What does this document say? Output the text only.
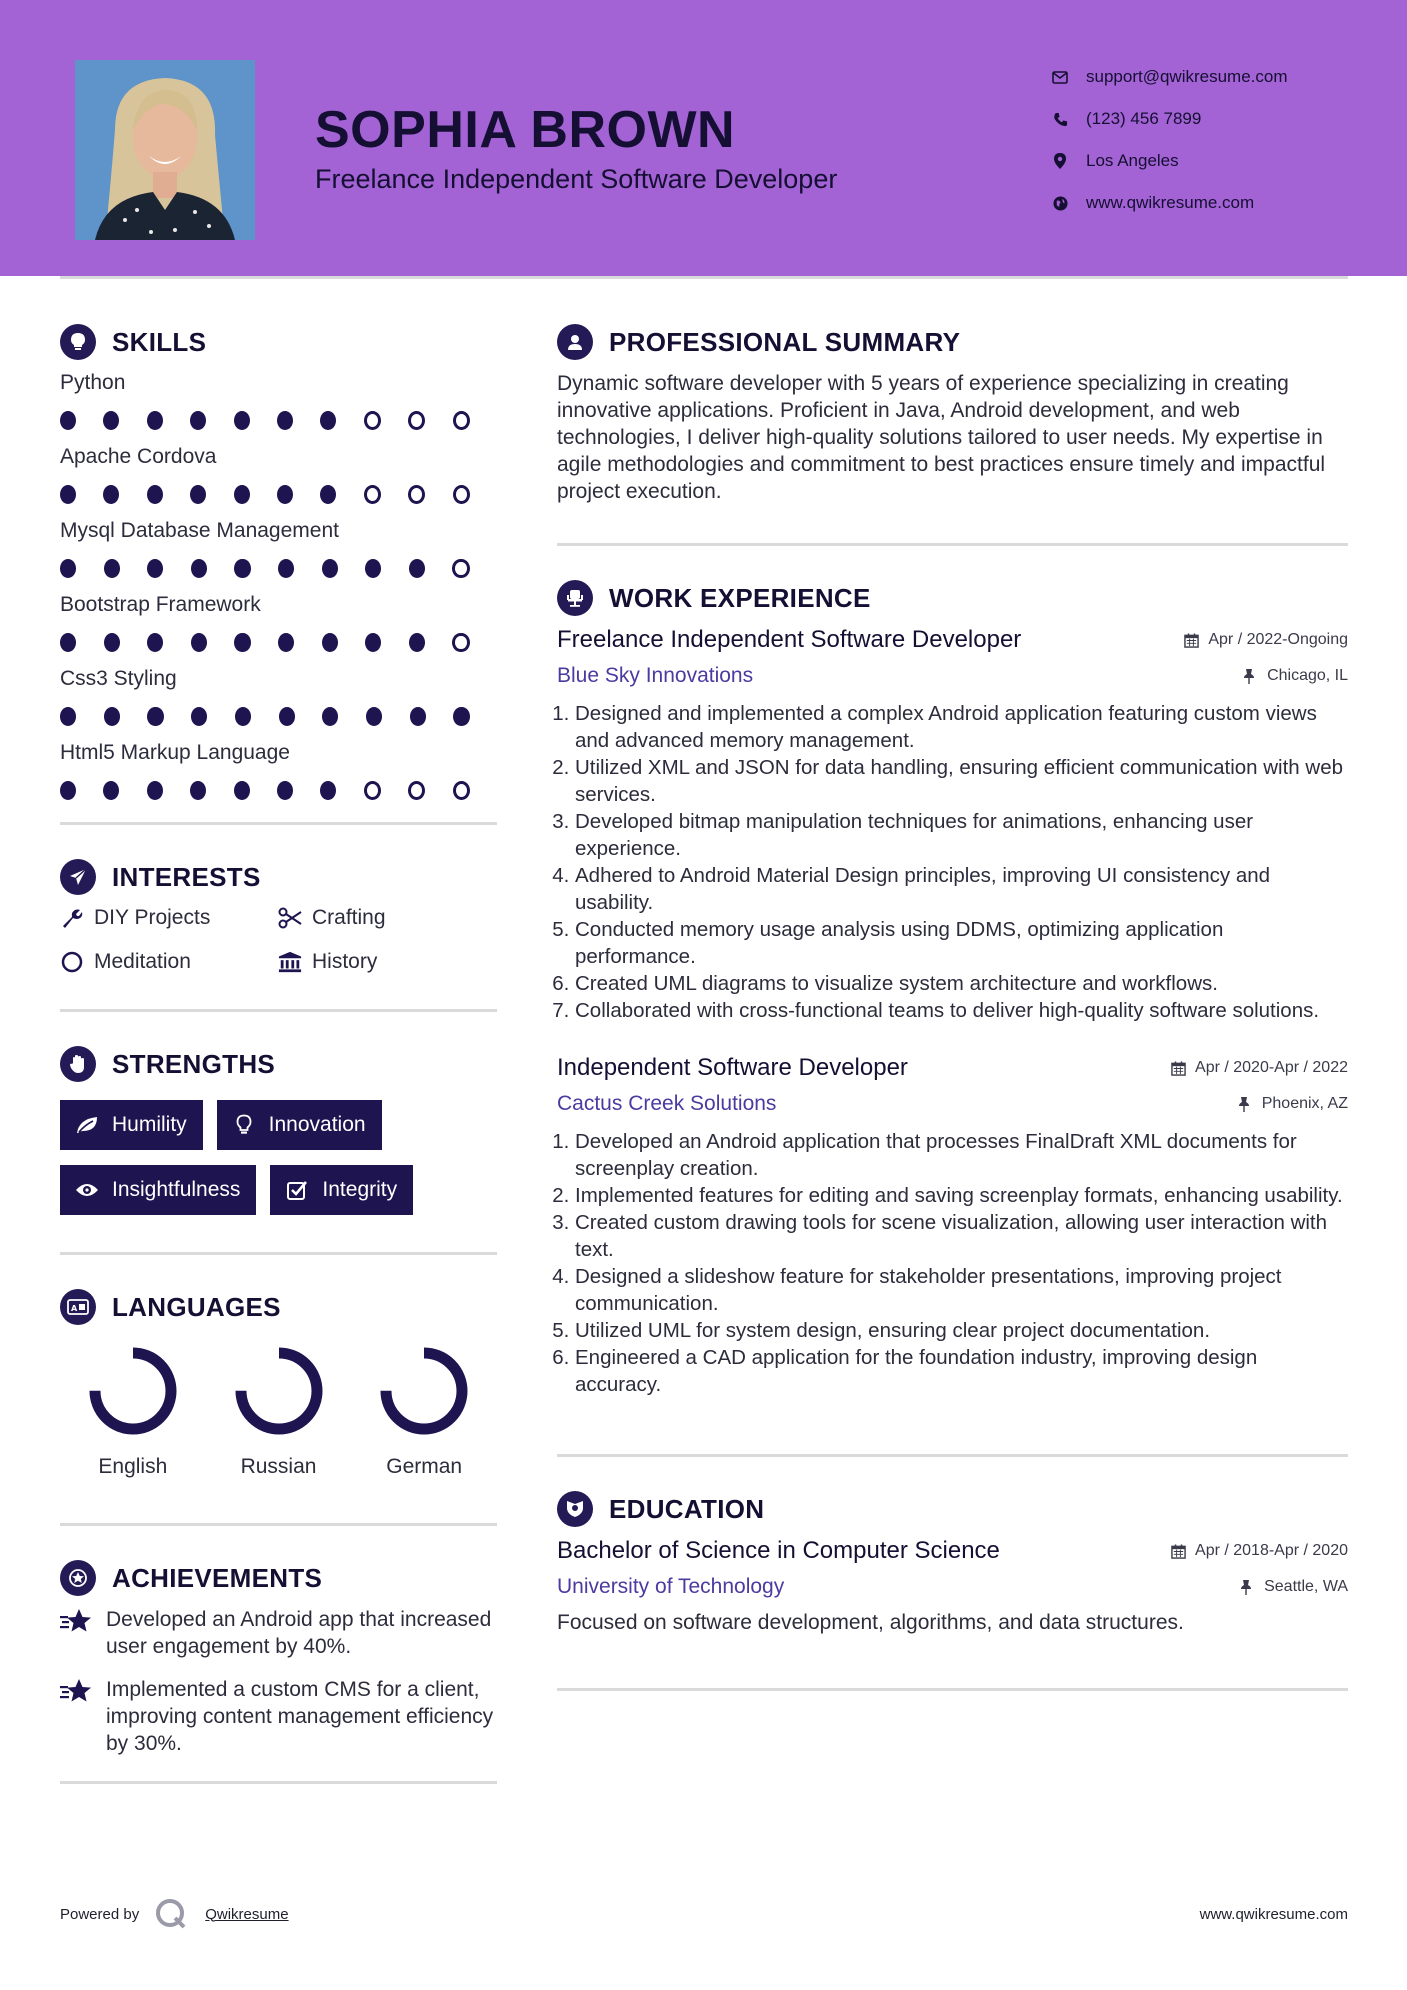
SOPHIA BROWN
Freelance Independent Software Developer
support@qwikresume.com
(123) 456 7899
Los Angeles
www.qwikresume.com
SKILLS
Python
Apache Cordova
Mysql Database Management
Bootstrap Framework
Css3 Styling
Html5 Markup Language
INTERESTS
DIY Projects	Crafting
Meditation	History
STRENGTHS
Humility	Innovation
Insightfulness	Integrity
A LANGUAGES
English	Russian	German
ACHIEVEMENTS

Developed an Android app that increased user engagement by 40%.

Implemented a custom CMS for a client, improving content management efficiency by 30%.

PROFESSIONAL SUMMARY

Dynamic software developer with 5 years of experience specializing in creating innovative applications. Proficient in Java, Android development, and web technologies, I deliver high-quality solutions tailored to user needs. My expertise in agile methodologies and commitment to best practices ensure timely and impactful project execution.

WORK EXPERIENCE
Freelance Independent Software Developer	Apr / 2022-Ongoing
Blue Sky Innovations	Chicago, IL
1. Designed and implemented a complex Android application featuring custom views and advanced memory management.
2. Utilized XML and JSON for data handling, ensuring efficient communication with web services.
3. Developed bitmap manipulation techniques for animations, enhancing user experience.
4. Adhered to Android Material Design principles, improving UI consistency and usability.
5. Conducted memory usage analysis using DDMS, optimizing application performance.
6. Created UML diagrams to visualize system architecture and workflows.
7. Collaborated with cross-functional teams to deliver high-quality software solutions.
Independent Software Developer	Apr / 2020-Apr / 2022
Cactus Creek Solutions	Phoenix, AZ
1. Developed an Android application that processes FinalDraft XML documents for screenplay creation.
2. Implemented features for editing and saving screenplay formats, enhancing usability.
3. Created custom drawing tools for scene visualization, allowing user interaction with text.
4. Designed a slideshow feature for stakeholder presentations, improving project communication.
5. Utilized UML for system design, ensuring clear project documentation.
6. Engineered a CAD application for the foundation industry, improving design accuracy.
EDUCATION
Bachelor of Science in Computer Science	Apr / 2018-Apr / 2020
University of Technology	Seattle, WA

Focused on software development, algorithms, and data structures.

Powered by	Qwikresume	www.qwikresume.com
